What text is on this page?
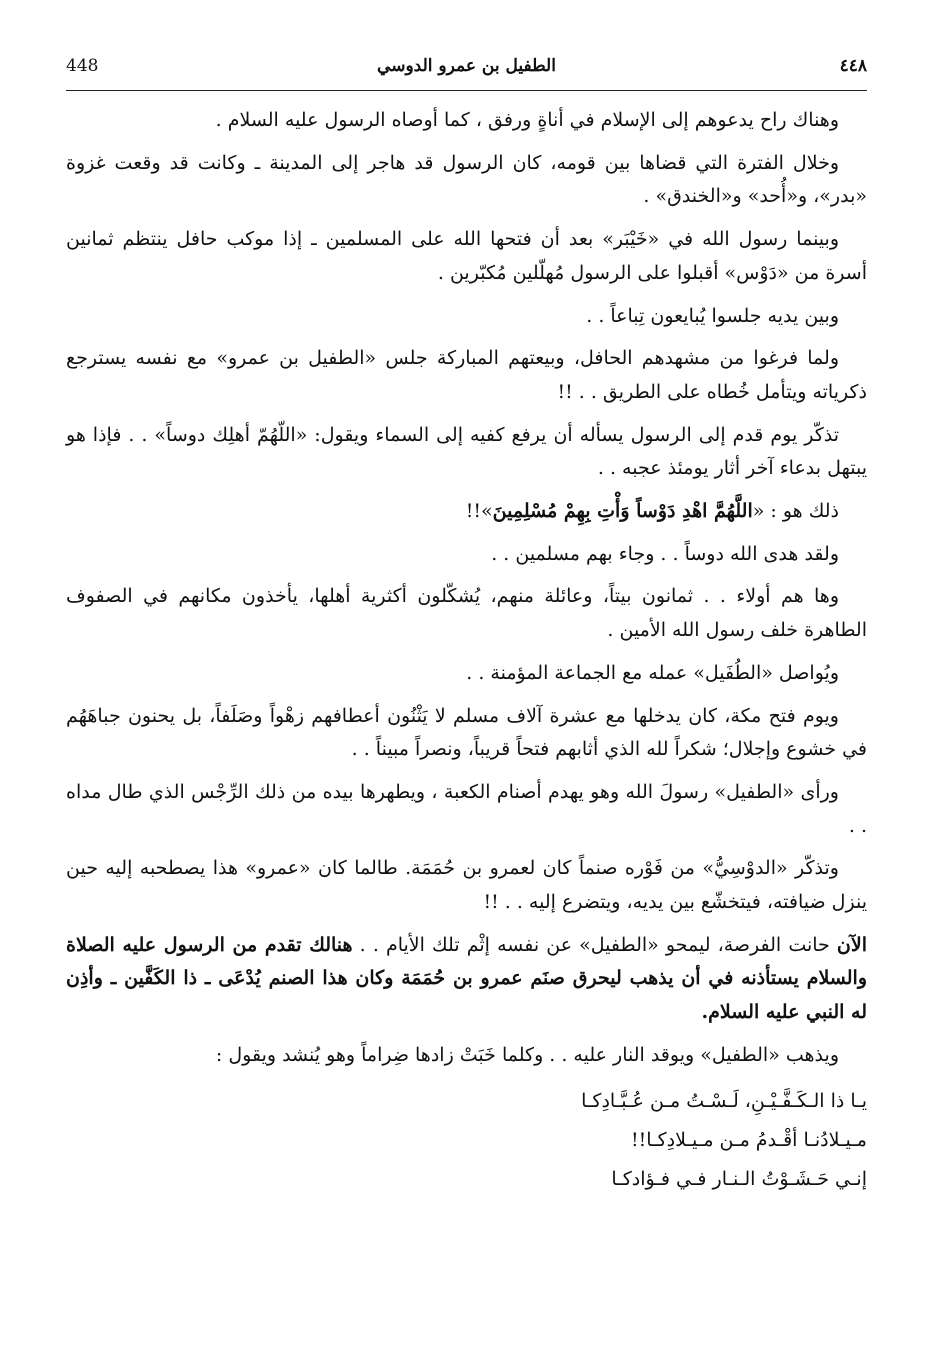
448	الطفيل بن عمرو الدوسي	٤٤٨

وهناك راح يدعوهم إلى الإسلام في أناةٍ ورفق ، كما أوصاه الرسول عليه السلام .

وخلال الفترة التي قضاها بين قومه، كان الرسول قد هاجر إلى المدينة ـ وكانت قد وقعت غزوة «بدر»، و«أُحد» و«الخندق» .

وبينما رسول الله في «خَيْبَر» بعد أن فتحها الله على المسلمين ـ إذا موكب حافل ينتظم ثمانين أسرة من «دَوْس» أقبلوا على الرسول مُهلّلين مُكبّرين .

وبين يديه جلسوا يُبايعون تِباعاً . .

ولما فرغوا من مشهدهم الحافل، وبيعتهم المباركة جلس «الطفيل بن عمرو» مع نفسه يسترجع ذكرياته ويتأمل خُطاه على الطريق . . !!

تذكّر يوم قدم إلى الرسول يسأله أن يرفع كفيه إلى السماء ويقول: «اللّهُمّ أهلِك دوساً» . . فإذا هو يبتهل بدعاء آخر أثار يومئذ عجبه . .

ذلك هو : «اللَّهُمَّ اهْدِ دَوْساً وَأْتِ بِهِمْ مُسْلِمِينَ»!!

ولقد هدى الله دوساً . . وجاء بهم مسلمين . .

وها هم أولاء . . ثمانون بيتاً، وعائلة منهم، يُشكّلون أكثرية أهلها، يأخذون مكانهم في الصفوف الطاهرة خلف رسول الله الأمين .

ويُواصل «الطُفَيل» عمله مع الجماعة المؤمنة . .

ويوم فتح مكة، كان يدخلها مع عشرة آلاف مسلم لا يَثْنُون أعطافهم زهْواً وصَلَفاً، بل يحنون جباهَهُم في خشوع وإجلال؛ شكراً لله الذي أثابهم فتحاً قريباً، ونصراً مبيناً . .

ورأى «الطفيل» رسولَ الله وهو يهدم أصنام الكعبة ، ويطهرها بيده من ذلك الرِّجْس الذي طال مداه . .

وتذكّر «الدوْسِيُّ» من فَوْره صنماً كان لعمرو بن حُمَمَة. طالما كان «عمرو» هذا يصطحبه إليه حين ينزل ضيافته، فيتخشّع بين يديه، ويتضرع إليه . . !!

الآن حانت الفرصة، ليمحو «الطفيل» عن نفسه إثْم تلك الأيام . . هنالك تقدم من الرسول عليه الصلاة والسلام يستأذنه في أن يذهب ليحرق صنَم عمرو بن حُمَمَة وكان هذا الصنم يُدْعَى ـ ذا الكَفَّين ـ وأذِن له النبي عليه السلام.

ويذهب «الطفيل» ويوقد النار عليه . . وكلما خَبَتْ زادها ضِراماً وهو يُنشد ويقول :

يـا ذا الـكَـفَّـيْـنِ، لَـسْـتُ مـن عُـبَّـادِكـا
مـيـلادُنـا أقْـدمُ مـن مـيـلادِكـا!!
إنـي حَـشَـوْتُ الـنـار فـي فـؤادكـا
